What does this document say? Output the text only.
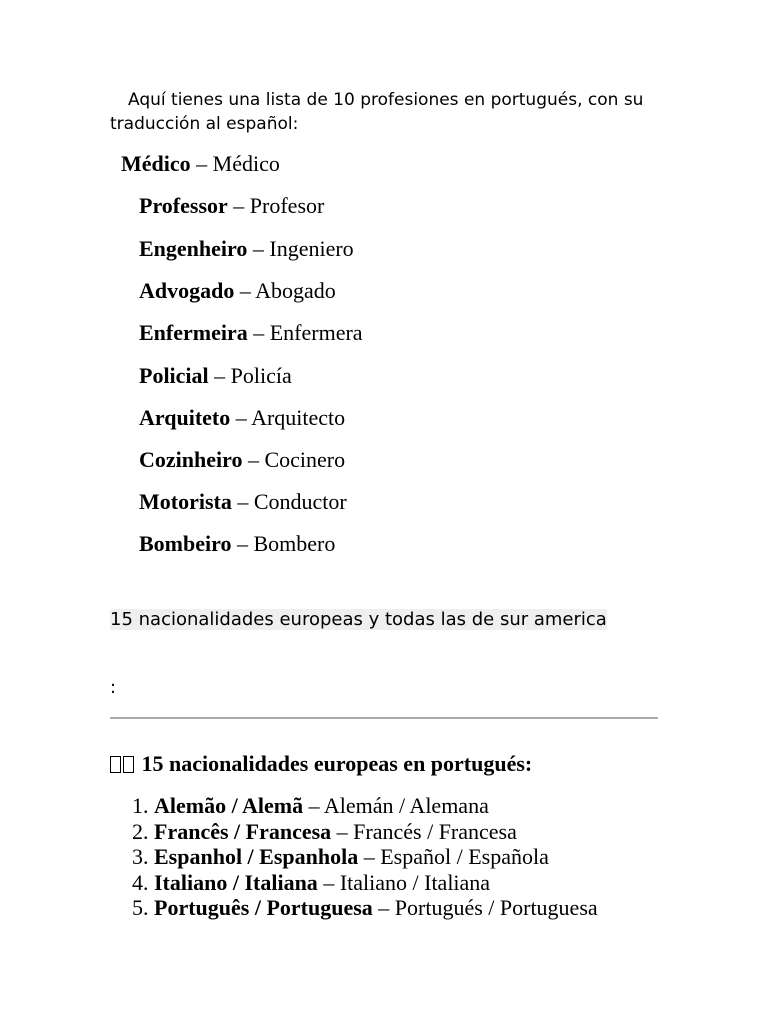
Aquí tienes una lista de 10 profesiones en portugués, con su traducción al español:

Médico – Médico
Professor – Profesor
Engenheiro – Ingeniero
Advogado – Abogado
Enfermeira – Enfermera
Policial – Policía
Arquiteto – Arquitecto
Cozinheiro – Cocinero
Motorista – Conductor
Bombeiro – Bombero

15 nacionalidades europeas y todas las de sur america

:
15 nacionalidades europeas en portugués:
1. Alemão / Alemã – Alemán / Alemana
2. Francês / Francesa – Francés / Francesa
3. Espanhol / Espanhola – Español / Española
4. Italiano / Italiana – Italiano / Italiana
5. Português / Portuguesa – Portugués / Portuguesa
